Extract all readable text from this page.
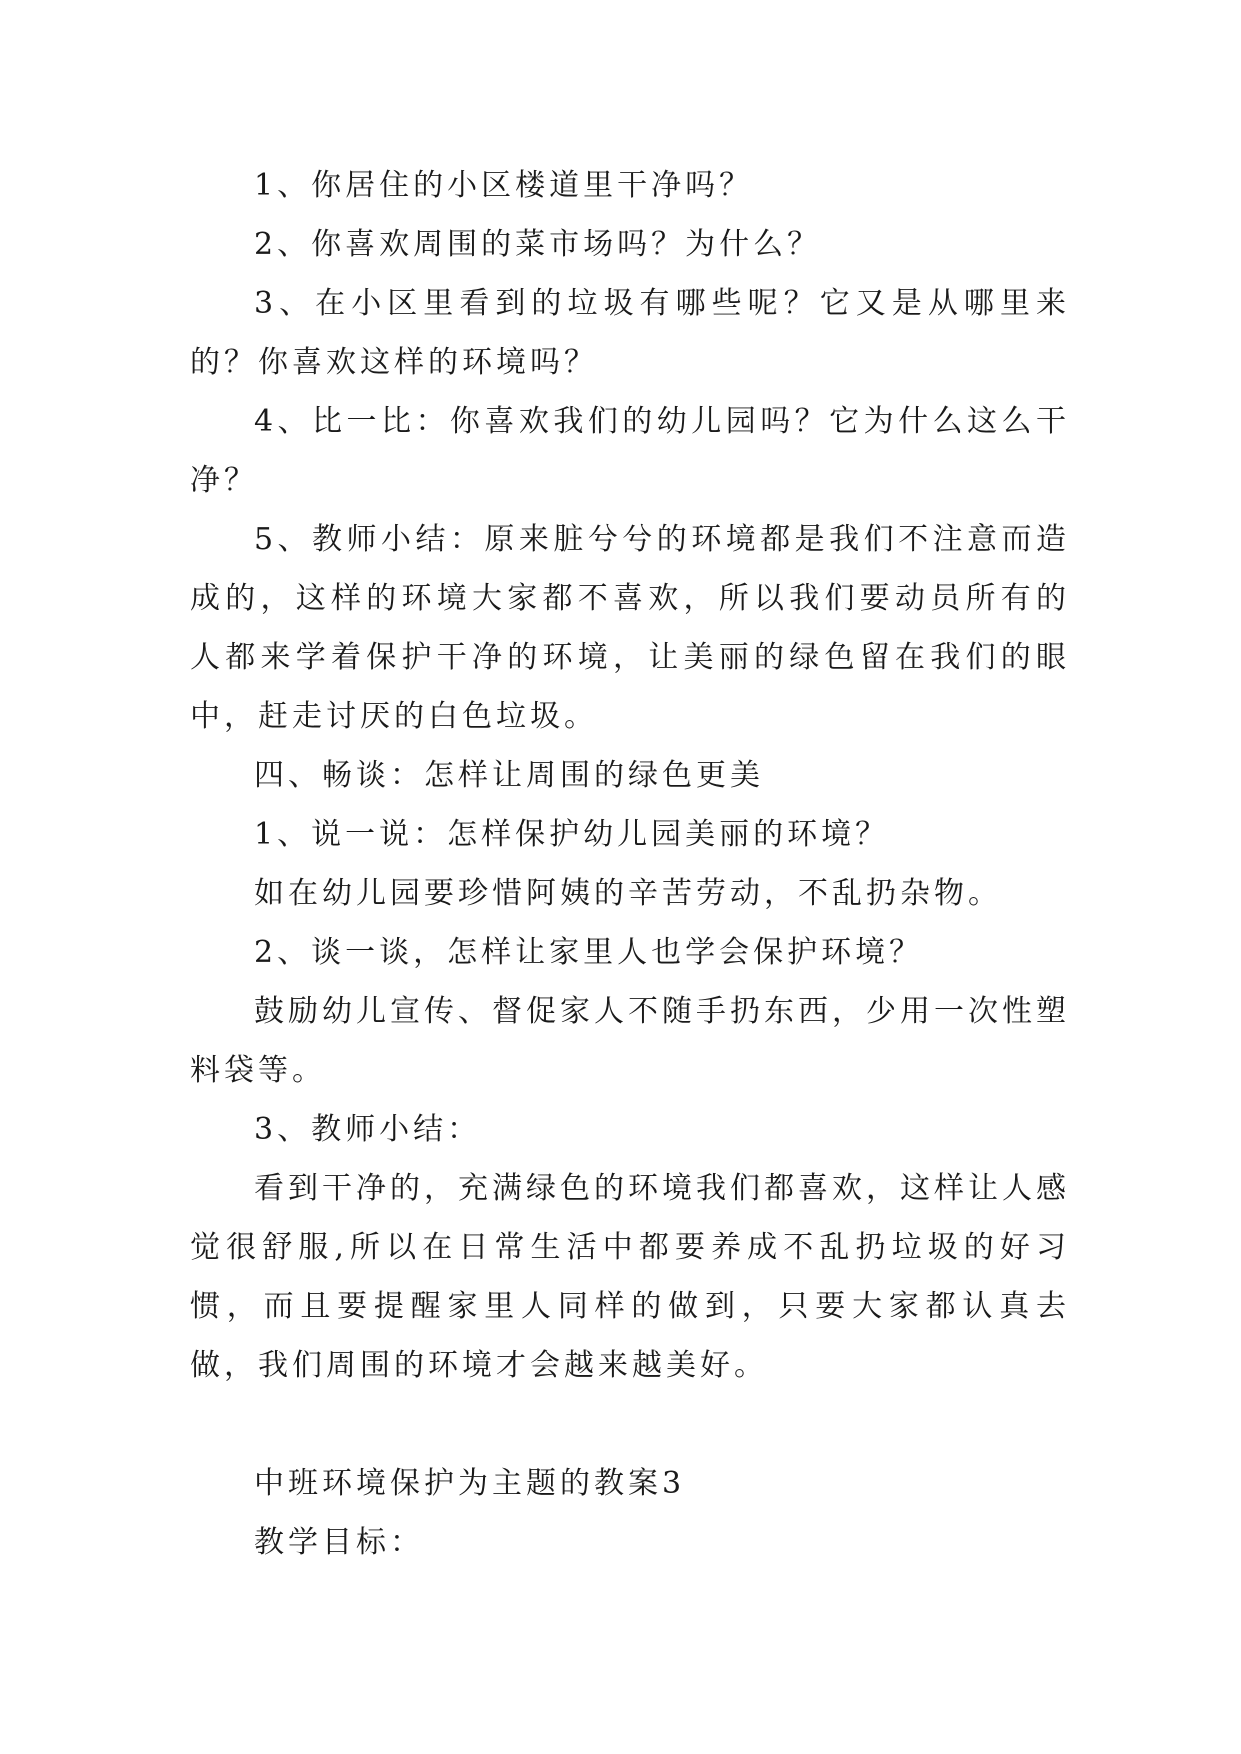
1、你居住的小区楼道里干净吗？

2、你喜欢周围的菜市场吗？为什么？

3、在小区里看到的垃圾有哪些呢？它又是从哪里来的？你喜欢这样的环境吗？

4、比一比：你喜欢我们的幼儿园吗？它为什么这么干净？

5、教师小结：原来脏兮兮的环境都是我们不注意而造成的，这样的环境大家都不喜欢，所以我们要动员所有的人都来学着保护干净的环境，让美丽的绿色留在我们的眼中，赶走讨厌的白色垃圾。

四、畅谈：怎样让周围的绿色更美

1、说一说：怎样保护幼儿园美丽的环境？

如在幼儿园要珍惜阿姨的辛苦劳动，不乱扔杂物。

2、谈一谈，怎样让家里人也学会保护环境？

鼓励幼儿宣传、督促家人不随手扔东西，少用一次性塑料袋等。

3、教师小结：

看到干净的，充满绿色的环境我们都喜欢，这样让人感觉很舒服,所以在日常生活中都要养成不乱扔垃圾的好习惯，而且要提醒家里人同样的做到，只要大家都认真去做，我们周围的环境才会越来越美好。

中班环境保护为主题的教案3

教学目标：
